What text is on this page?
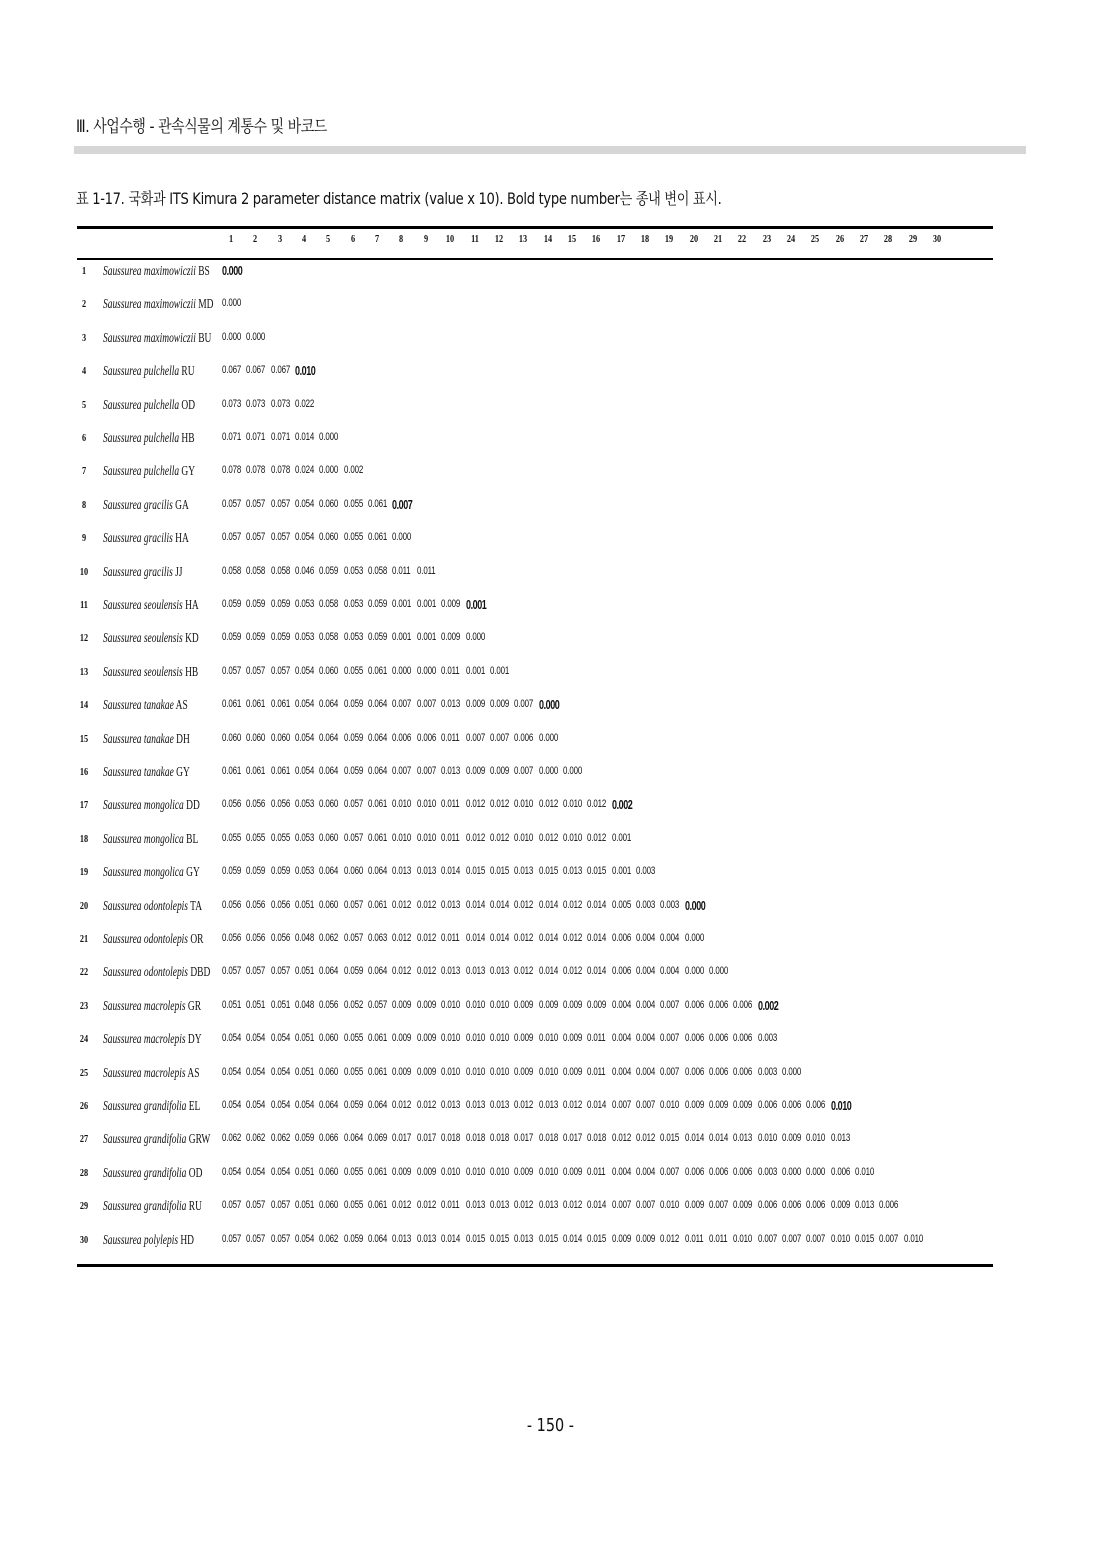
Ⅲ. 사업수행 - 관속식물의 계통수 및 바코드
표 1-17. 국화과 ITS Kimura 2 parameter distance matrix (value x 10). Bold type number는 종내 변이 표시.
1	2	3	4	5	6	7	8	9	10	11	12	13	14	15	16	17	18	19	20	21	22	23	24	25	26	27	28	29	30
1	Saussurea maximowiczii BS 0.000
2	Saussurea maximowiczii MD 0.000
3	Saussurea maximowiczii BU 0.000 0.000
4	Saussurea pulchella RU 0.067 0.067 0.067 0.010
5	Saussurea pulchella OD 0.073 0.073 0.073 0.022
6	Saussurea pulchella HB 0.071 0.071 0.071 0.014 0.000
7	Saussurea pulchella GY 0.078 0.078 0.078 0.024 0.000 0.002
8	Saussurea gracilis GA	0.057 0.057 0.057 0.054 0.060 0.055 0.061 0.007
9	Saussurea gracilis HA	0.057 0.057 0.057 0.054 0.060 0.055 0.061 0.000
10	Saussurea gracilis JJ	0.058 0.058 0.058 0.046 0.059 0.053 0.058 0.011 0.011
11	Saussurea seoulensis HA 0.059 0.059 0.059 0.053 0.058 0.053 0.059 0.001 0.001 0.009 0.001
12	Saussurea seoulensis KD 0.059 0.059 0.059 0.053 0.058 0.053 0.059 0.001 0.001 0.009 0.000
13	Saussurea seoulensis HB 0.057 0.057 0.057 0.054 0.060 0.055 0.061 0.000 0.000 0.011 0.001 0.001
14	Saussurea tanakae AS	0.061 0.061 0.061 0.054 0.064 0.059 0.064 0.007 0.007 0.013 0.009 0.009 0.007 0.000
15	Saussurea tanakae DH	0.060 0.060 0.060 0.054 0.064 0.059 0.064 0.006 0.006 0.011 0.007 0.007 0.006 0.000
16	Saussurea tanakae GY	0.061 0.061 0.061 0.054 0.064 0.059 0.064 0.007 0.007 0.013 0.009 0.009 0.007 0.000 0.000
17	Saussurea mongolica DD 0.056 0.056 0.056 0.053 0.060 0.057 0.061 0.010 0.010 0.011 0.012 0.012 0.010 0.012 0.010 0.012 0.002
18	Saussurea mongolica BL 0.055 0.055 0.055 0.053 0.060 0.057 0.061 0.010 0.010 0.011 0.012 0.012 0.010 0.012 0.010 0.012 0.001
19	Saussurea mongolica GY 0.059 0.059 0.059 0.053 0.064 0.060 0.064 0.013 0.013 0.014 0.015 0.015 0.013 0.015 0.013 0.015 0.001 0.003
20	Saussurea odontolepis TA 0.056 0.056 0.056 0.051 0.060 0.057 0.061 0.012 0.012 0.013 0.014 0.014 0.012 0.014 0.012 0.014 0.005 0.003 0.003 0.000
21	Saussurea odontolepis OR 0.056 0.056 0.056 0.048 0.062 0.057 0.063 0.012 0.012 0.011 0.014 0.014 0.012 0.014 0.012 0.014 0.006 0.004 0.004 0.000
22	Saussurea odontolepis DBD 0.057 0.057 0.057 0.051 0.064 0.059 0.064 0.012 0.012 0.013 0.013 0.013 0.012 0.014 0.012 0.014 0.006 0.004 0.004 0.000 0.000
23	Saussurea macrolepis GR 0.051 0.051 0.051 0.048 0.056 0.052 0.057 0.009 0.009 0.010 0.010 0.010 0.009 0.009 0.009 0.009 0.004 0.004 0.007 0.006 0.006 0.006 0.002
24	Saussurea macrolepis DY 0.054 0.054 0.054 0.051 0.060 0.055 0.061 0.009 0.009 0.010 0.010 0.010 0.009 0.010 0.009 0.011 0.004 0.004 0.007 0.006 0.006 0.006 0.003
25	Saussurea macrolepis AS 0.054 0.054 0.054 0.051 0.060 0.055 0.061 0.009 0.009 0.010 0.010 0.010 0.009 0.010 0.009 0.011 0.004 0.004 0.007 0.006 0.006 0.006 0.003 0.000
26	Saussurea grandifolia EL 0.054 0.054 0.054 0.054 0.064 0.059 0.064 0.012 0.012 0.013 0.013 0.013 0.012 0.013 0.012 0.014 0.007 0.007 0.010 0.009 0.009 0.009 0.006 0.006 0.006 0.010
27	Saussurea grandifolia GRW 0.062 0.062 0.062 0.059 0.066 0.064 0.069 0.017 0.017 0.018 0.018 0.018 0.017 0.018 0.017 0.018 0.012 0.012 0.015 0.014 0.014 0.013 0.010 0.009 0.010 0.013
28	Saussurea grandifolia OD 0.054 0.054 0.054 0.051 0.060 0.055 0.061 0.009 0.009 0.010 0.010 0.010 0.009 0.010 0.009 0.011 0.004 0.004 0.007 0.006 0.006 0.006 0.003 0.000 0.000 0.006 0.010
29	Saussurea grandifolia RU 0.057 0.057 0.057 0.051 0.060 0.055 0.061 0.012 0.012 0.011 0.013 0.013 0.012 0.013 0.012 0.014 0.007 0.007 0.010 0.009 0.007 0.009 0.006 0.006 0.006 0.009 0.013 0.006
30	Saussurea polylepis HD	0.057 0.057 0.057 0.054 0.062 0.059 0.064 0.013 0.013 0.014 0.015 0.015 0.013 0.015 0.014 0.015 0.009 0.009 0.012 0.011 0.011 0.010 0.007 0.007 0.007 0.010 0.015 0.007 0.010
- 150 -
